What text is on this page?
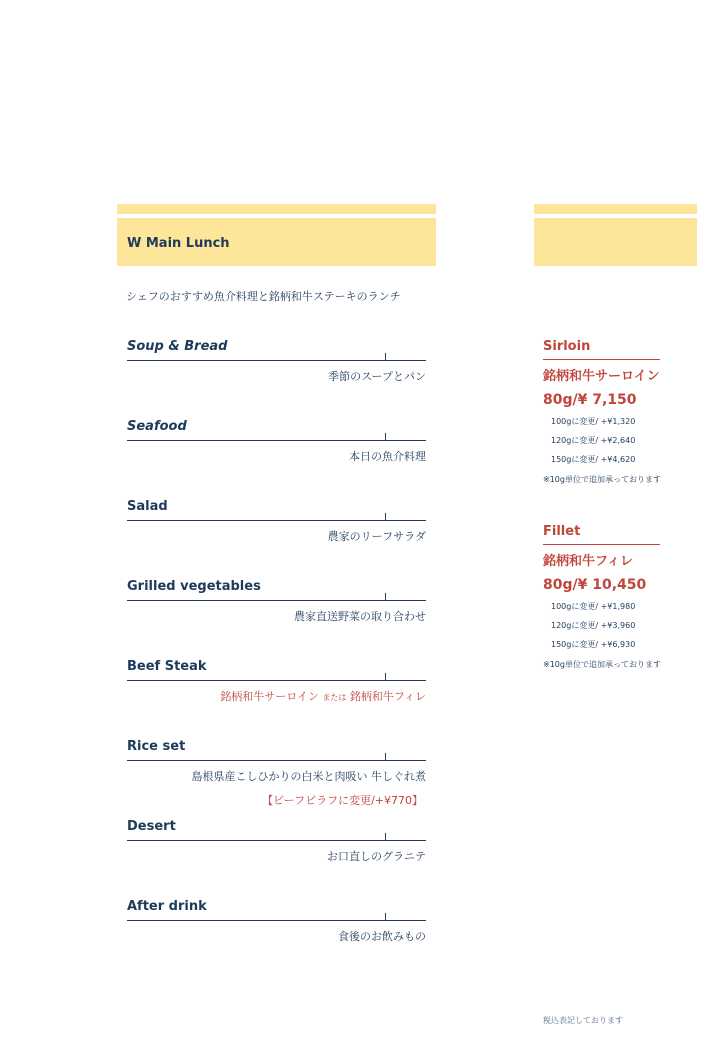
W Main Lunch
シェフのおすすめ魚介料理と銘柄和牛ステーキのランチ
Soup & Bread
季節のスープとパン
Seafood
本日の魚介料理
Salad
農家のリーフサラダ
Grilled vegetables
農家直送野菜の取り合わせ
Beef Steak
銘柄和牛サーロイン または 銘柄和牛フィレ
Rice set
島根県産こしひかりの白米と肉吸い 牛しぐれ煮
【ビーフピラフに変更/+¥770】
Desert
お口直しのグラニテ
After drink
食後のお飲みもの
Sirloin
銘柄和牛サーロイン
80g/¥ 7,150
100gに変更/ +¥1,320
120gに変更/ +¥2,640
150gに変更/ +¥4,620
※10g単位で追加承っております
Fillet
銘柄和牛フィレ
80g/¥ 10,450
100gに変更/ +¥1,980
120gに変更/ +¥3,960
150gに変更/ +¥6,930
※10g単位で追加承っております
税込表記しております
